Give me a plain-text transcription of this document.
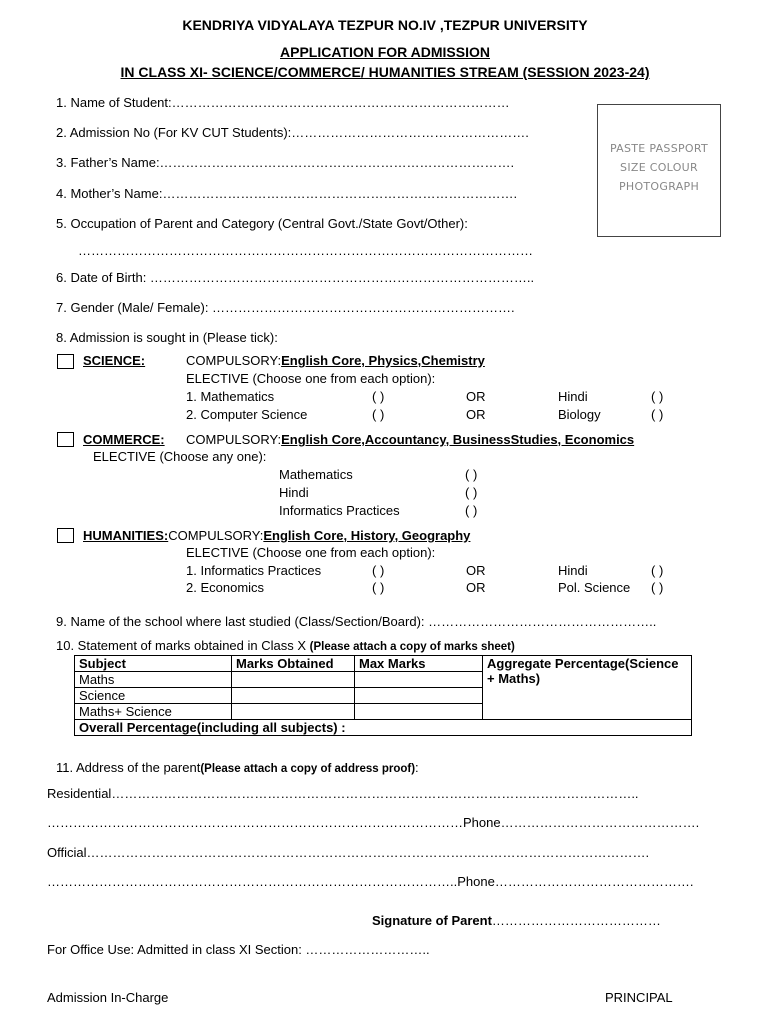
KENDRIYA VIDYALAYA TEZPUR NO.IV ,TEZPUR UNIVERSITY
APPLICATION FOR ADMISSION
IN CLASS XI- SCIENCE/COMMERCE/ HUMANITIES STREAM (SESSION 2023-24)
PASTE PASSPORT
SIZE COLOUR
PHOTOGRAPH
1. Name of Student:……………………………………………………………………
2. Admission No (For KV CUT Students):……………………………………………….
3. Father’s Name:……………………………………………………………………….
4. Mother’s Name:……………………………………………………………………….
5. Occupation of Parent and Category (Central Govt./State Govt/Other):
……………………………………………………………………………………………
6. Date of Birth: ……………………………………………………………………………..
7. Gender (Male/ Female): …………………………………………………………….
8. Admission is sought in (Please tick):
SCIENCE:	COMPULSORY:English Core, Physics,Chemistry
ELECTIVE (Choose one from each option):
1. Mathematics	( )	OR	Hindi	( )
2. Computer Science	( )	OR	Biology	( )
COMMERCE: COMPULSORY:English Core,Accountancy, BusinessStudies, Economics
ELECTIVE (Choose any one):
Mathematics	( )
Hindi	( )
Informatics Practices	( )
HUMANITIES:COMPULSORY:English Core, History, Geography
ELECTIVE (Choose one from each option):
1. Informatics Practices	( )	OR	Hindi	( )
2. Economics	( )	OR	Pol. Science ( )
9. Name of the school where last studied (Class/Section/Board): ……………………………………………..
10. Statement of marks obtained in Class X (Please attach a copy of marks sheet)
Subject	Marks Obtained	Max Marks	Aggregate Percentage(Science + Maths)
Maths			
Science			
Maths+ Science			
Overall Percentage(including all subjects) :			
11. Address of the parent(Please attach a copy of address proof):
Residential…………………………………………………………………………………………………………..
……………………………………………………………………………………Phone……………………………………….
Official………………………………………………………………………………………………………………….
…………………………………………………………………………………..Phone……………………………………….
Signature of Parent…………………………………
For Office Use: Admitted in class XI Section: ………………………..
Admission In-Charge	PRINCIPAL
